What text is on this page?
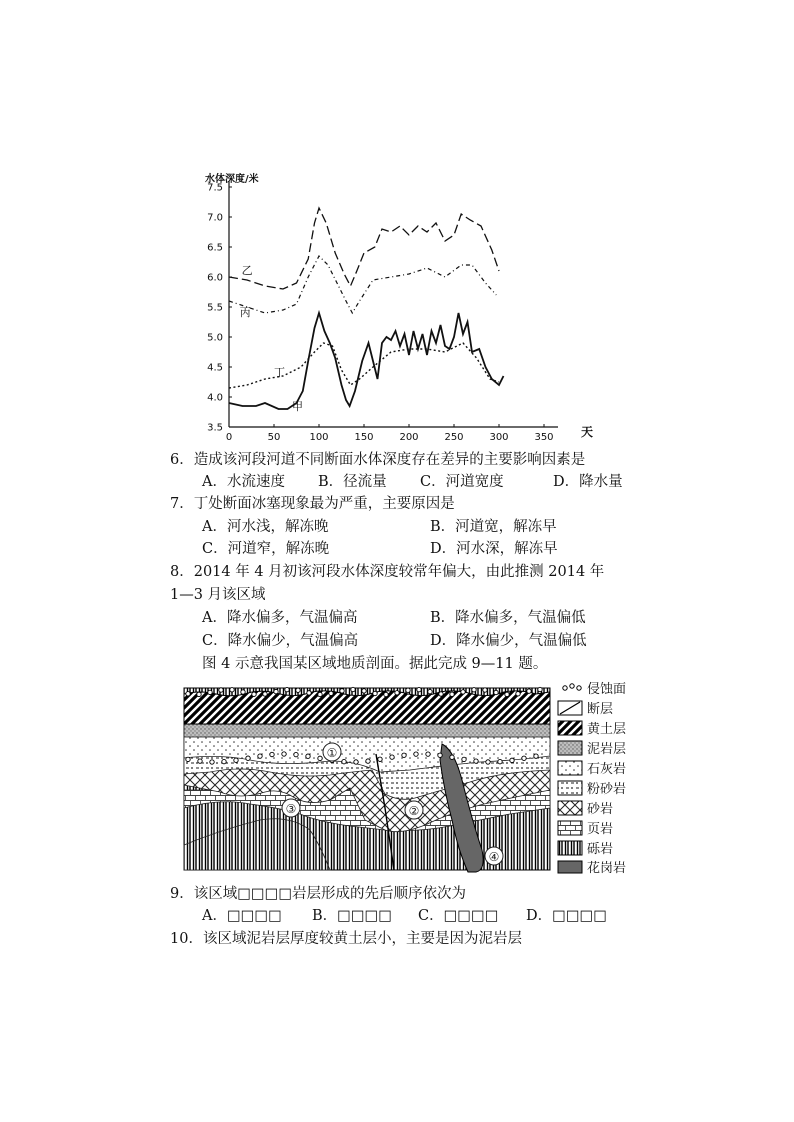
水体深度/米
0	50	100	150	200	250	300	350
3.5
4.0
4.5
5.0
5.5
6.0
6.5
7.0
7.5
乙
丙
丁
甲
天
6．造成该河段河道不同断面水体深度存在差异的主要影响因素是
A．水流速度 B．径流量 C．河道宽度	D．降水量
7．丁处断面冰塞现象最为严重，主要原因是
A．河水浅，解冻晚	B．河道宽，解冻早
C．河道窄，解冻晚	D．河水深，解冻早
8．2014 年 4 月初该河段水体深度较常年偏大，由此推测 2014 年
1—3 月该区域
A．降水偏多，气温偏高	B．降水偏多，气温偏低
C．降水偏少，气温偏高	D．降水偏少，气温偏低
图 4 示意我国某区域地质剖面。据此完成 9—11 题。
①
②
③
④
侵蚀面
断层
黄土层
泥岩层
石灰岩
粉砂岩
砂岩
页岩
砾岩
花岗岩
9．该区域□□□□岩层形成的先后顺序依次为
A．□□□□ B．□□□□ C．□□□□ D．□□□□
10．该区域泥岩层厚度较黄土层小，主要是因为泥岩层
